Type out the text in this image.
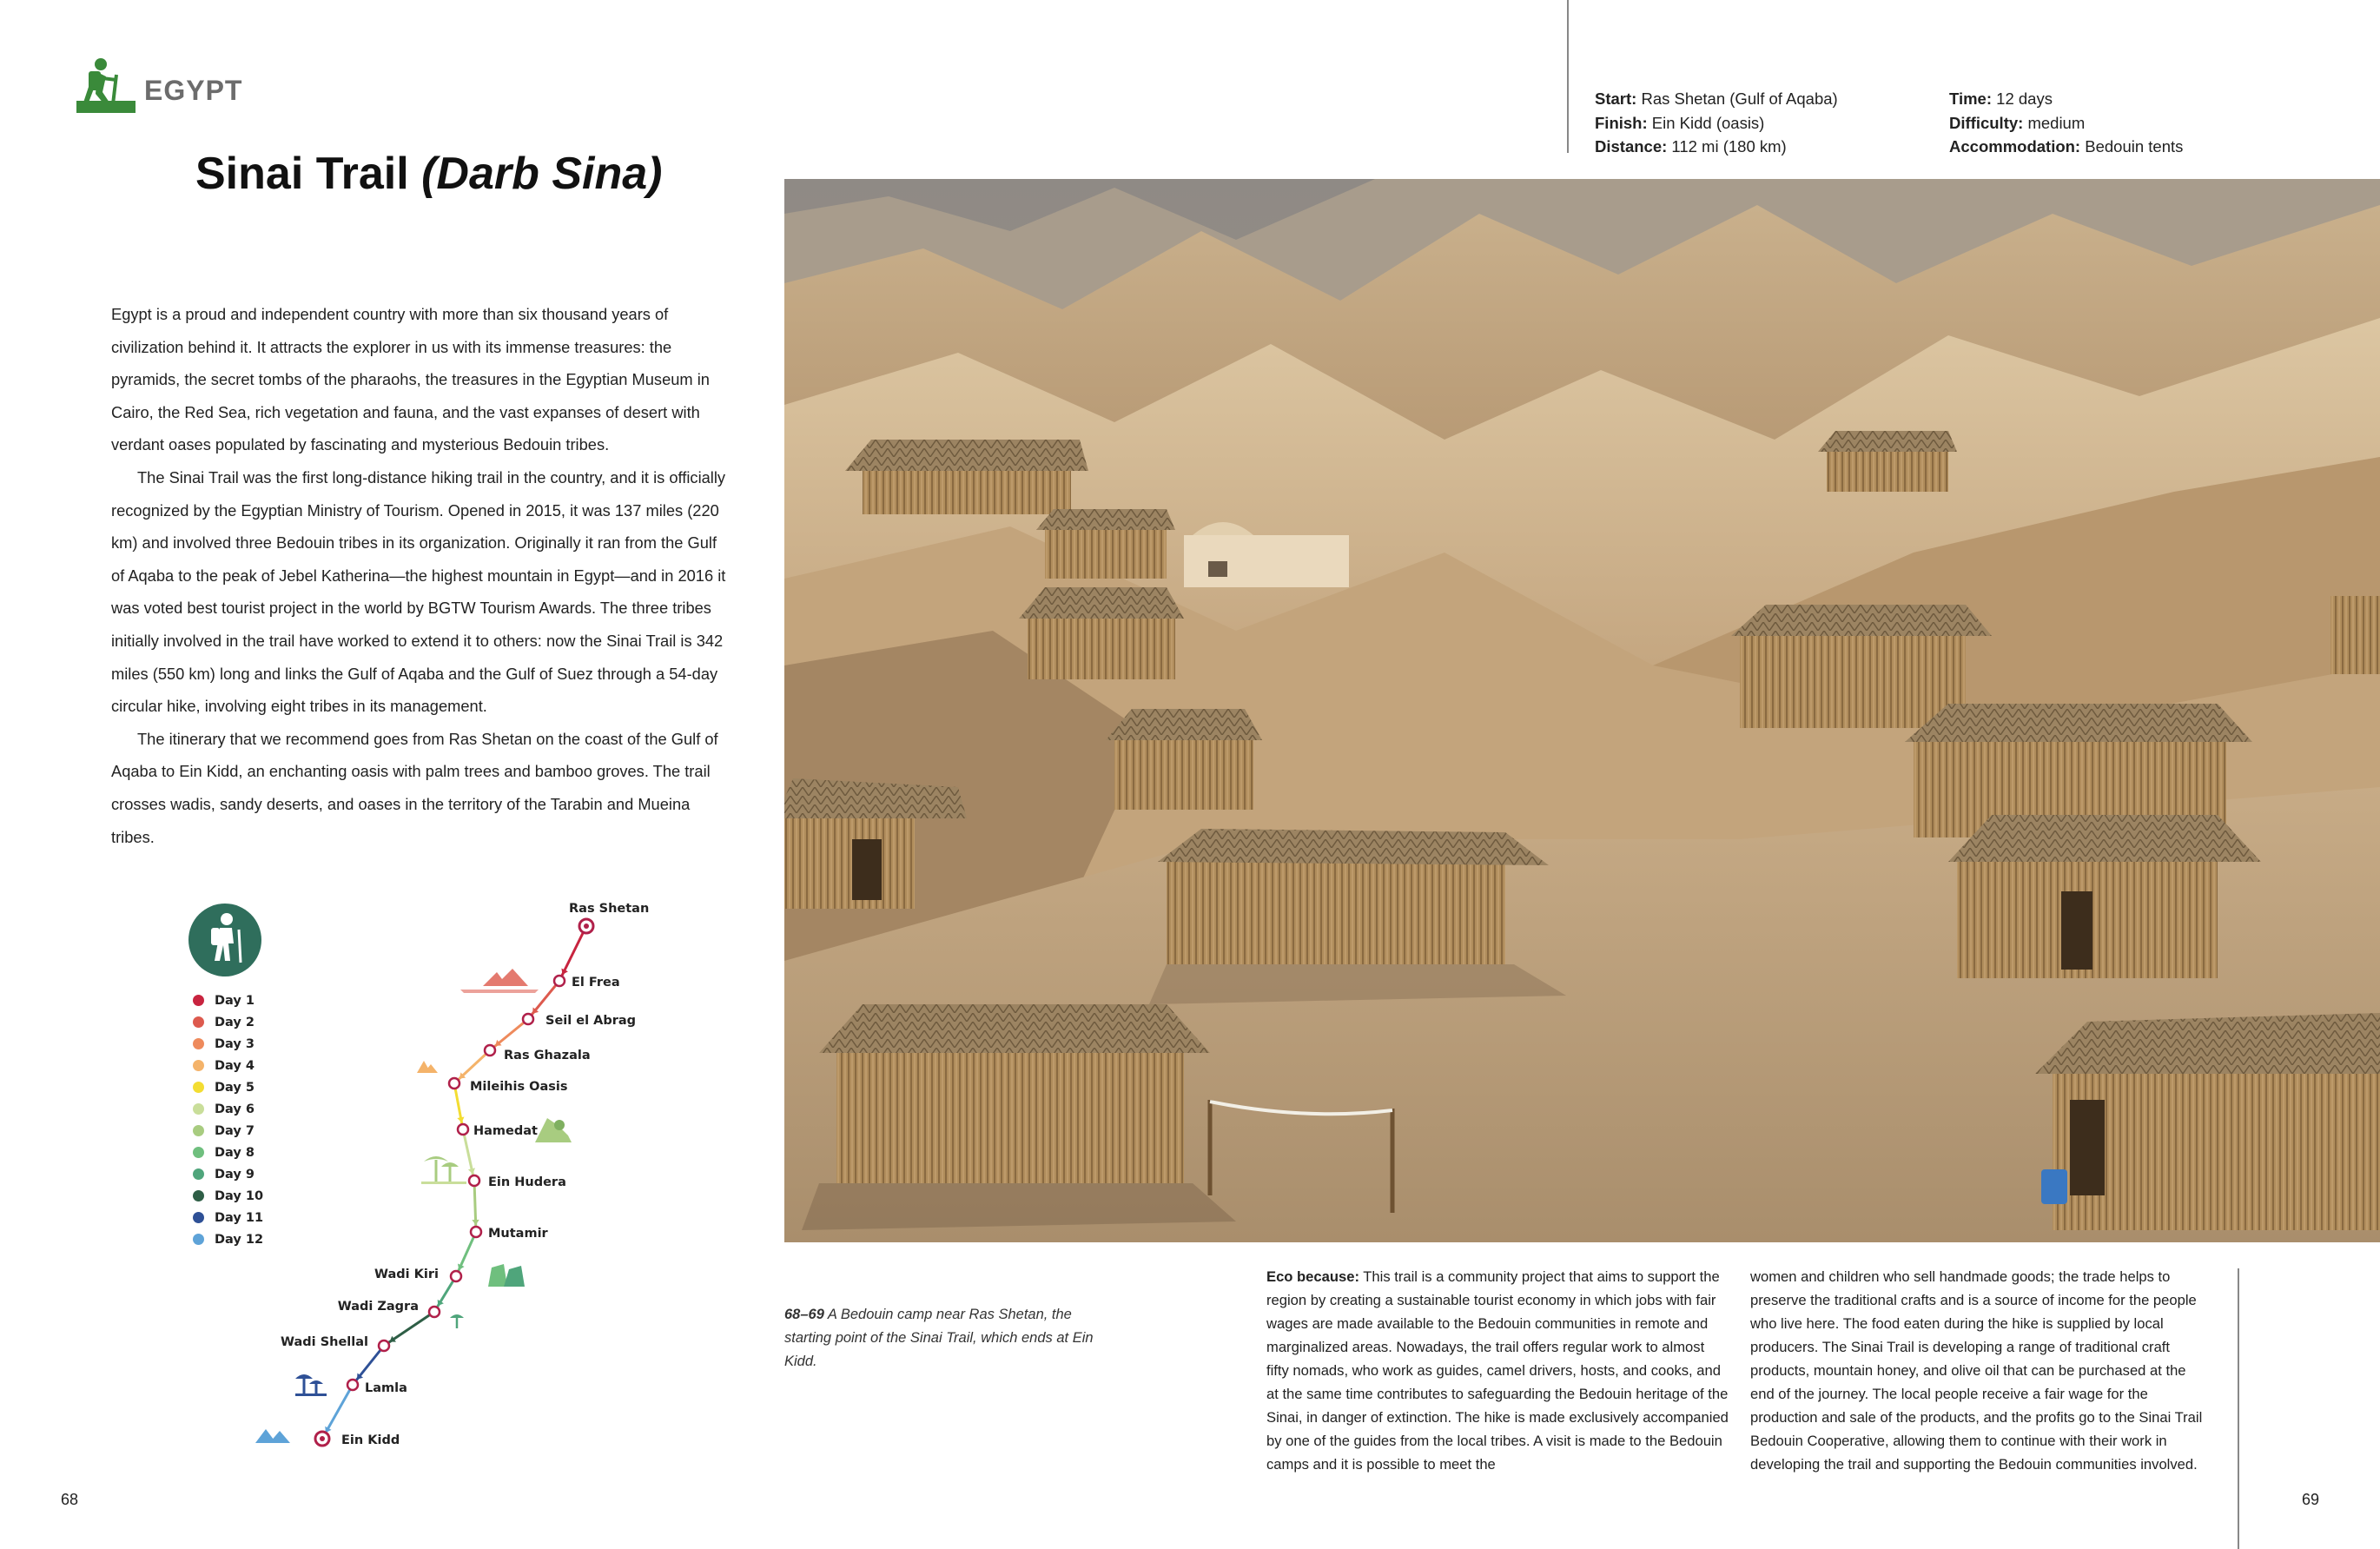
EGYPT
Sinai Trail (Darb Sina)

Egypt is a proud and independent country with more than six thousand years of civilization behind it. It attracts the explorer in us with its immense treasures: the pyramids, the secret tombs of the pharaohs, the treasures in the Egyptian Museum in Cairo, the Red Sea, rich vegetation and fauna, and the vast expanses of desert with verdant oases populated by fascinating and mysterious Bedouin tribes.

The Sinai Trail was the first long-distance hiking trail in the country, and it is officially recognized by the Egyptian Ministry of Tourism. Opened in 2015, it was 137 miles (220 km) and involved three Bedouin tribes in its organization. Originally it ran from the Gulf of Aqaba to the peak of Jebel Katherina—the highest mountain in Egypt—and in 2016 it was voted best tourist project in the world by BGTW Tourism Awards. The three tribes initially involved in the trail have worked to extend it to others: now the Sinai Trail is 342 miles (550 km) long and links the Gulf of Aqaba and the Gulf of Suez through a 54-day circular hike, involving eight tribes in its management.

The itinerary that we recommend goes from Ras Shetan on the coast of the Gulf of Aqaba to Ein Kidd, an enchanting oasis with palm trees and bamboo groves. The trail crosses wadis, sandy deserts, and oases in the territory of the Tarabin and Mueina tribes.

Day 1
Day 2
Day 3
Day 4
Day 5
Day 6
Day 7
Day 8
Day 9
Day 10
Day 11
Day 12
Ras Shetan
El Frea
Seil el Abrag
Ras Ghazala
Mileihis Oasis
Hamedat
Ein Hudera
Mutamir
Wadi Kiri
Wadi Zagra
Wadi Shellal
Lamla
Ein Kidd
Start: Ras Shetan (Gulf of Aqaba)
Finish: Ein Kidd (oasis)
Distance: 112 mi (180 km)
Time: 12 days
Difficulty: medium
Accommodation: Bedouin tents
68–69 A Bedouin camp near Ras Shetan, the starting point of the Sinai Trail, which ends at Ein Kidd.
Eco because: This trail is a community project that aims to support the region by creating a sustainable tourist economy in which jobs with fair wages are made available to the Bedouin communities in remote and marginalized areas. Nowadays, the trail offers regular work to almost fifty nomads, who work as guides, camel drivers, hosts, and cooks, and at the same time contributes to safeguarding the Bedouin heritage of the Sinai, in danger of extinction. The hike is made exclusively accompanied by one of the guides from the local tribes. A visit is made to the Bedouin camps and it is possible to meet the
women and children who sell handmade goods; the trade helps to preserve the traditional crafts and is a source of income for the people who live here. The food eaten during the hike is supplied by local producers. The Sinai Trail is developing a range of traditional craft products, mountain honey, and olive oil that can be purchased at the end of the journey. The local people receive a fair wage for the production and sale of the products, and the profits go to the Sinai Trail Bedouin Cooperative, allowing them to continue with their work in developing the trail and supporting the Bedouin communities involved.
68	69
